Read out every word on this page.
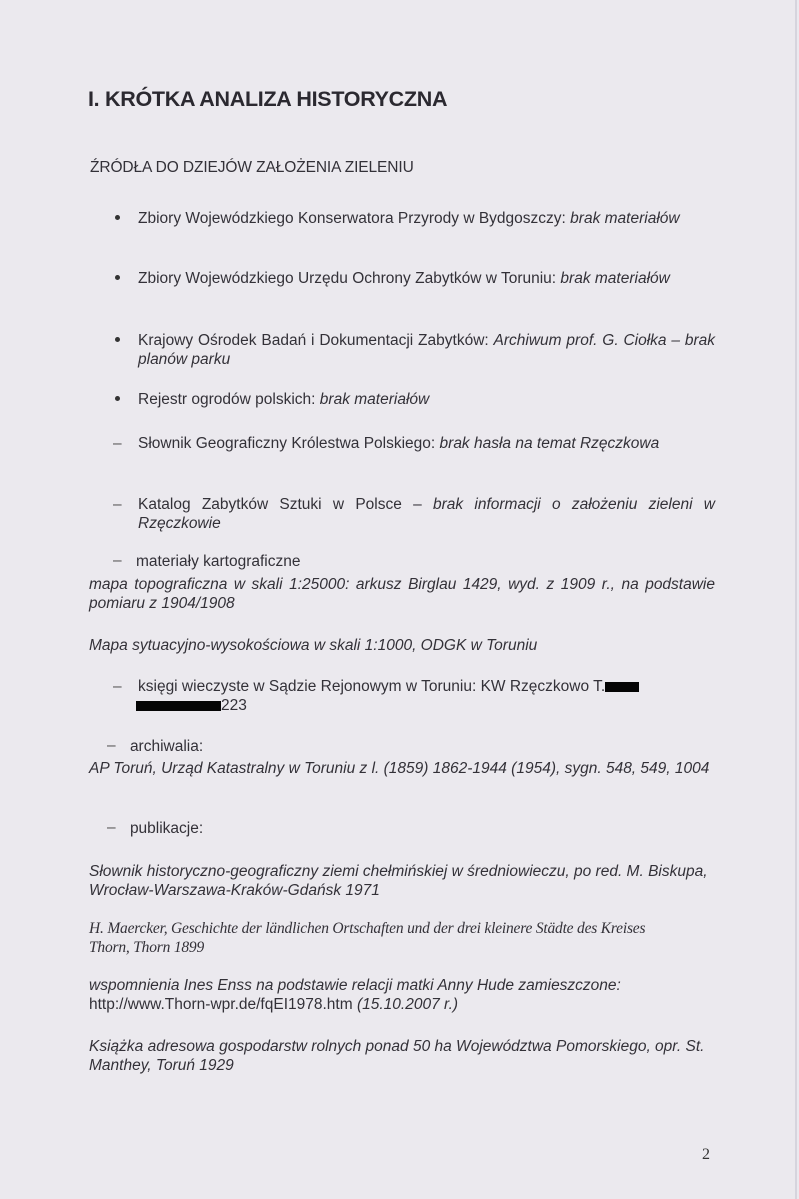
I. KRÓTKA ANALIZA HISTORYCZNA
ŹRÓDŁA DO DZIEJÓW ZAŁOŻENIA ZIELENIU
Zbiory Wojewódzkiego Konserwatora Przyrody w Bydgoszczy: brak materiałów
Zbiory Wojewódzkiego Urzędu Ochrony Zabytków w Toruniu: brak materiałów
Krajowy Ośrodek Badań i Dokumentacji Zabytków: Archiwum prof. G. Ciołka – brak planów parku
Rejestr ogrodów polskich: brak materiałów
–	Słownik Geograficzny Królestwa Polskiego: brak hasła na temat Rzęczkowa
–	Katalog Zabytków Sztuki w Polsce – brak informacji o założeniu zieleni w Rzęczkowie
– materiały kartograficzne
mapa topograficzna w skali 1:25000: arkusz Birglau 1429, wyd. z 1909 r., na podstawie pomiaru z 1904/1908
Mapa sytuacyjno-wysokościowa w skali 1:1000, ODGK w Toruniu
–	księgi wieczyste w Sądzie Rejonowym w Toruniu: KW Rzęczkowo T.
223
– archiwalia:
AP Toruń, Urząd Katastralny w Toruniu z l. (1859) 1862-1944 (1954), sygn. 548, 549, 1004
– publikacje:
Słownik historyczno-geograficzny ziemi chełmińskiej w średniowieczu, po red. M. Biskupa, Wrocław-Warszawa-Kraków-Gdańsk 1971
H. Maercker, Geschichte der ländlichen Ortschaften und der drei kleinere Städte des Kreises Thorn, Thorn 1899
wspomnienia Ines Enss na podstawie relacji matki Anny Hude zamieszczone:
http://www.Thorn-wpr.de/fqEI1978.htm (15.10.2007 r.)
Książka adresowa gospodarstw rolnych ponad 50 ha Województwa Pomorskiego, opr. St. Manthey, Toruń 1929
2
